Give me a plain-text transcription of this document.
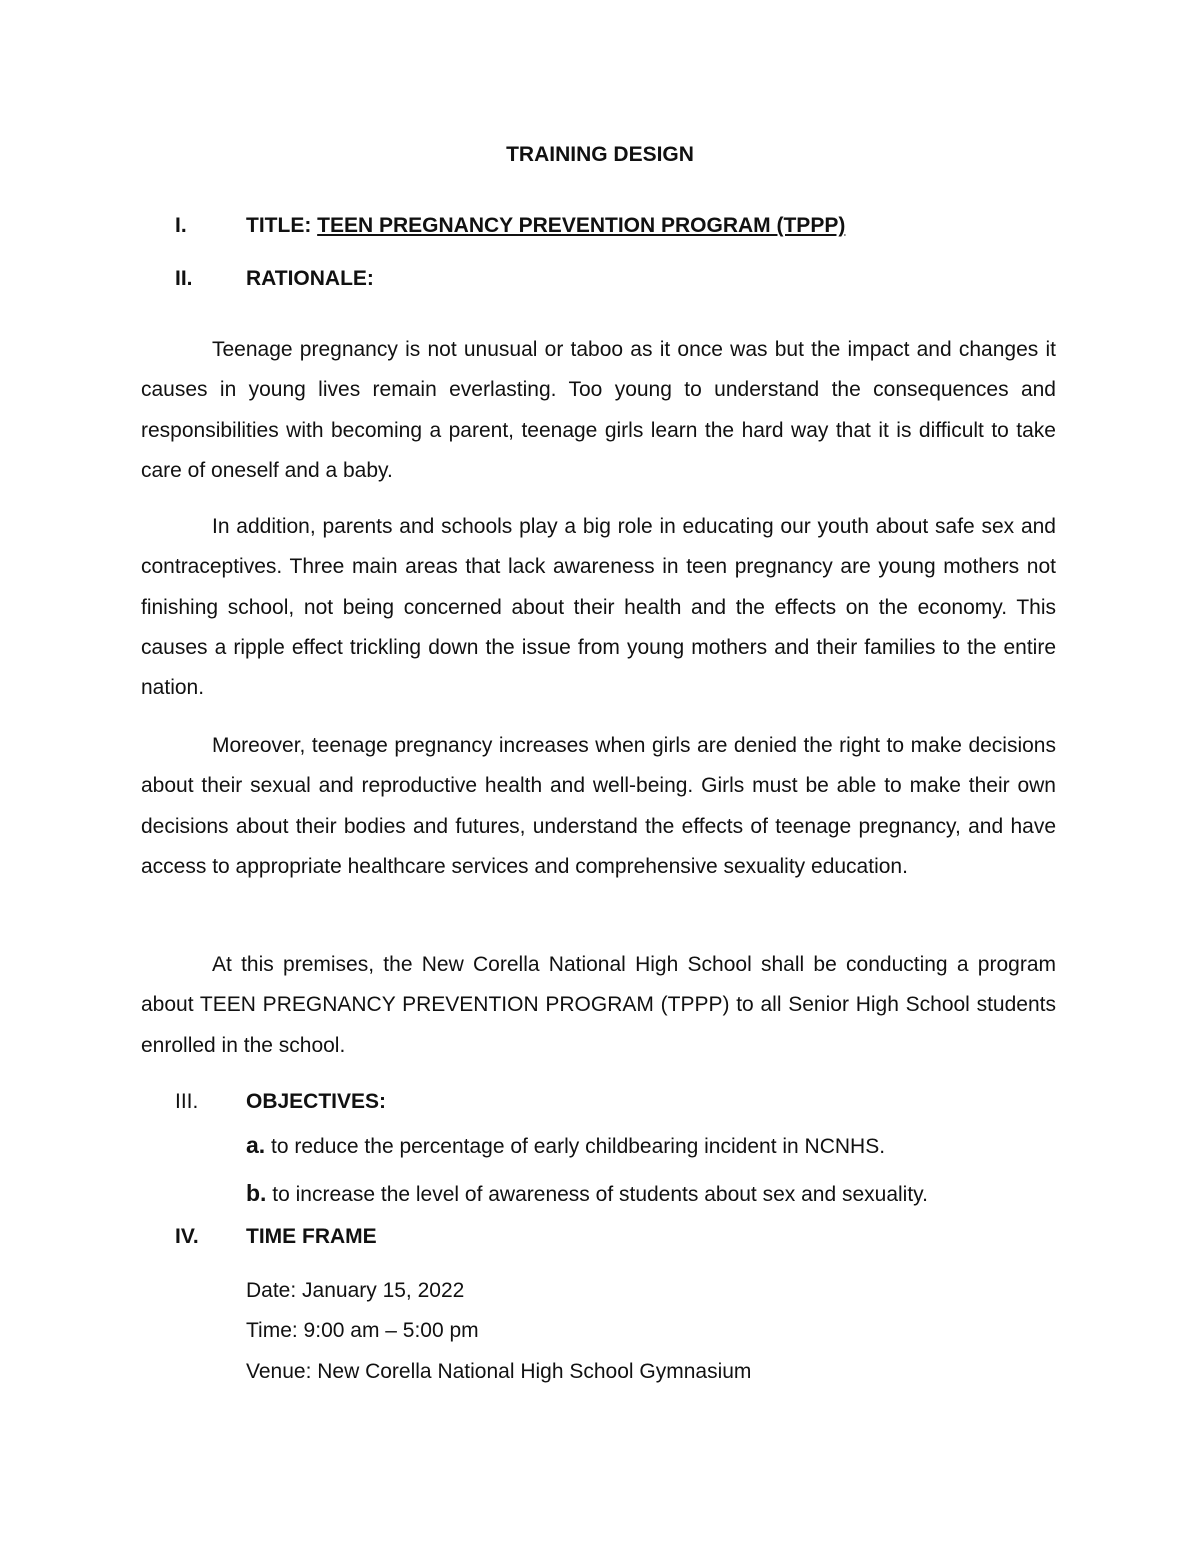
TRAINING DESIGN
I.	TITLE: TEEN PREGNANCY PREVENTION PROGRAM (TPPP)
II.	RATIONALE:

Teenage pregnancy is not unusual or taboo as it once was but the impact and changes it causes in young lives remain everlasting. Too young to understand the consequences and responsibilities with becoming a parent, teenage girls learn the hard way that it is difficult to take care of oneself and a baby.

In addition, parents and schools play a big role in educating our youth about safe sex and contraceptives. Three main areas that lack awareness in teen pregnancy are young mothers not finishing school, not being concerned about their health and the effects on the economy. This causes a ripple effect trickling down the issue from young mothers and their families to the entire nation.

Moreover, teenage pregnancy increases when girls are denied the right to make decisions about their sexual and reproductive health and well-being. Girls must be able to make their own decisions about their bodies and futures, understand the effects of teenage pregnancy, and have access to appropriate healthcare services and comprehensive sexuality education.

At this premises, the New Corella National High School shall be conducting a program about TEEN PREGNANCY PREVENTION PROGRAM (TPPP) to all Senior High School students enrolled in the school.

III. OBJECTIVES:
a. to reduce the percentage of early childbearing incident in NCNHS.
b. to increase the level of awareness of students about sex and sexuality.
IV. TIME FRAME
Date: January 15, 2022
Time: 9:00 am – 5:00 pm
Venue: New Corella National High School Gymnasium
